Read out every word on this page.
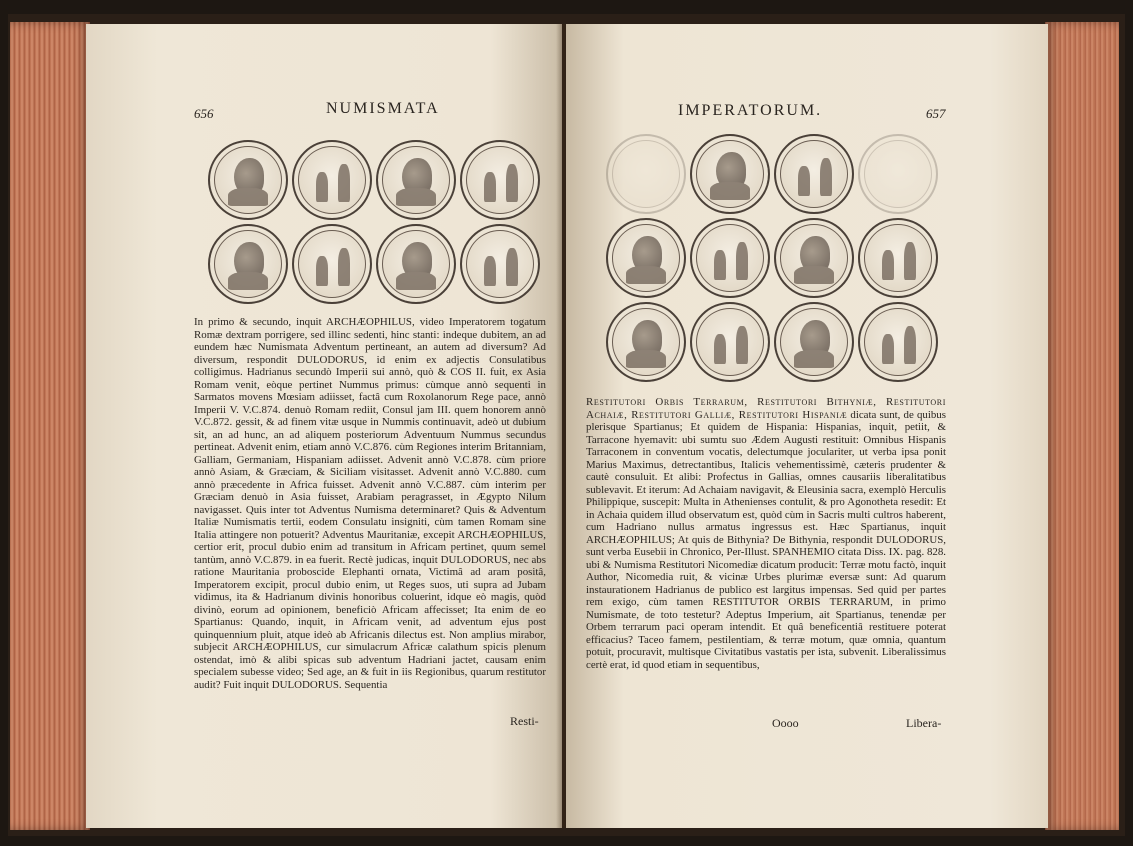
656	NUMISMATA
In primo & secundo, inquit ARCHÆOPHILUS, video Imperatorem togatum Romæ dextram porrigere, sed illinc sedenti, hinc stanti: indeque dubitem, an ad eundem hæc Numismata Adventum pertineant, an autem ad diversum? Ad diversum, respondit DULODORUS, id enim ex adjectis Consulatibus colligimus. Hadrianus secundò Imperii sui annò, quò & COS II. fuit, ex Asia Romam venit, eòque pertinet Nummus primus: cùmque annò sequenti in Sarmatos movens Mœsiam adiisset, factâ cum Roxolanorum Rege pace, annò Imperii V. V.C.874. denuò Romam rediit, Consul jam III. quem honorem annò V.C.872. gessit, & ad finem vitæ usque in Nummis continuavit, adeò ut dubium sit, an ad hunc, an ad aliquem posteriorum Adventuum Nummus secundus pertineat. Advenit enim, etiam annò V.C.876. cùm Regiones interim Britanniam, Galliam, Germaniam, Hispaniam adiisset. Advenit annò V.C.878. cùm priore annò Asiam, & Græciam, & Siciliam visitasset. Advenit annò V.C.880. cum annò præcedente in Africa fuisset. Advenit annò V.C.887. cùm interim per Græciam denuò in Asia fuisset, Arabiam peragrasset, in Ægypto Nilum navigasset. Quis inter tot Adventus Numisma determinaret? Quis & Adventum Italiæ Numismatis tertii, eodem Consulatu insigniti, cùm tamen Romam sine Italia attingere non potuerit? Adventus Mauritaniæ, excepit ARCHÆOPHILUS, certior erit, procul dubio enim ad transitum in Africam pertinet, quum semel tantùm, annò V.C.879. in ea fuerit. Rectè judicas, inquit DULODORUS, nec abs ratione Mauritania proboscide Elephanti ornata, Victimâ ad aram positâ, Imperatorem excipit, procul dubio enim, ut Reges suos, uti supra ad Jubam vidimus, ita & Hadrianum divinis honoribus coluerint, idque eò magis, quòd divinò, eorum ad opinionem, beneficiò Africam affecisset; Ita enim de eo Spartianus: Quando, inquit, in Africam venit, ad adventum ejus post quinquennium pluit, atque ideò ab Africanis dilectus est. Non amplius mirabor, subjecit ARCHÆOPHILUS, cur simulacrum Africæ calathum spicis plenum ostendat, imò & alibi spicas sub adventum Hadriani jactet, causam enim specialem subesse video; Sed age, an & fuit in iis Regionibus, quarum restitutor audit? Fuit inquit DULODORUS. Sequentia
Resti-
IMPERATORUM.	657
Restitutori Orbis Terrarum, Restitutori Bithyniæ, Restitutori Achaiæ, Restitutori Galliæ, Restitutori Hispaniæ dicata sunt, de quibus plerisque Spartianus; Et quidem de Hispania: Hispanias, inquit, petiit, & Tarracone hyemavit: ubi sumtu suo Ædem Augusti restituit: Omnibus Hispanis Tarraconem in conventum vocatis, delectumque joculariter, ut verba ipsa ponit Marius Maximus, detrectantibus, Italicis vehementissimè, cæteris prudenter & cautè consuluit. Et alibi: Profectus in Gallias, omnes causariis liberalitatibus sublevavit. Et iterum: Ad Achaiam navigavit, & Eleusinia sacra, exemplò Herculis Philippique, suscepit: Multa in Athenienses contulit, & pro Agonotheta resedit: Et in Achaia quidem illud observatum est, quòd cùm in Sacris multi cultros haberent, cum Hadriano nullus armatus ingressus est. Hæc Spartianus, inquit ARCHÆOPHILUS; At quis de Bithynia? De Bithynia, respondit DULODORUS, sunt verba Eusebii in Chronico, Per-Illust. SPANHEMIO citata Diss. IX. pag. 828. ubi & Numisma Restitutori Nicomediæ dicatum producit: Terræ motu factò, inquit Author, Nicomedia ruit, & vicinæ Urbes plurimæ eversæ sunt: Ad quarum instaurationem Hadrianus de publico est largitus impensas. Sed quid per partes rem exigo, cùm tamen RESTITUTOR ORBIS TERRARUM, in primo Numismate, de toto testetur? Adeptus Imperium, ait Spartianus, tenendæ per Orbem terrarum paci operam intendit. Et quâ beneficentiâ restituere poterat efficacius? Taceo famem, pestilentiam, & terræ motum, quæ omnia, quantum potuit, procuravit, multisque Civitatibus vastatis per ista, subvenit. Liberalissimus certè erat, id quod etiam in sequentibus,
Oooo	Libera-
